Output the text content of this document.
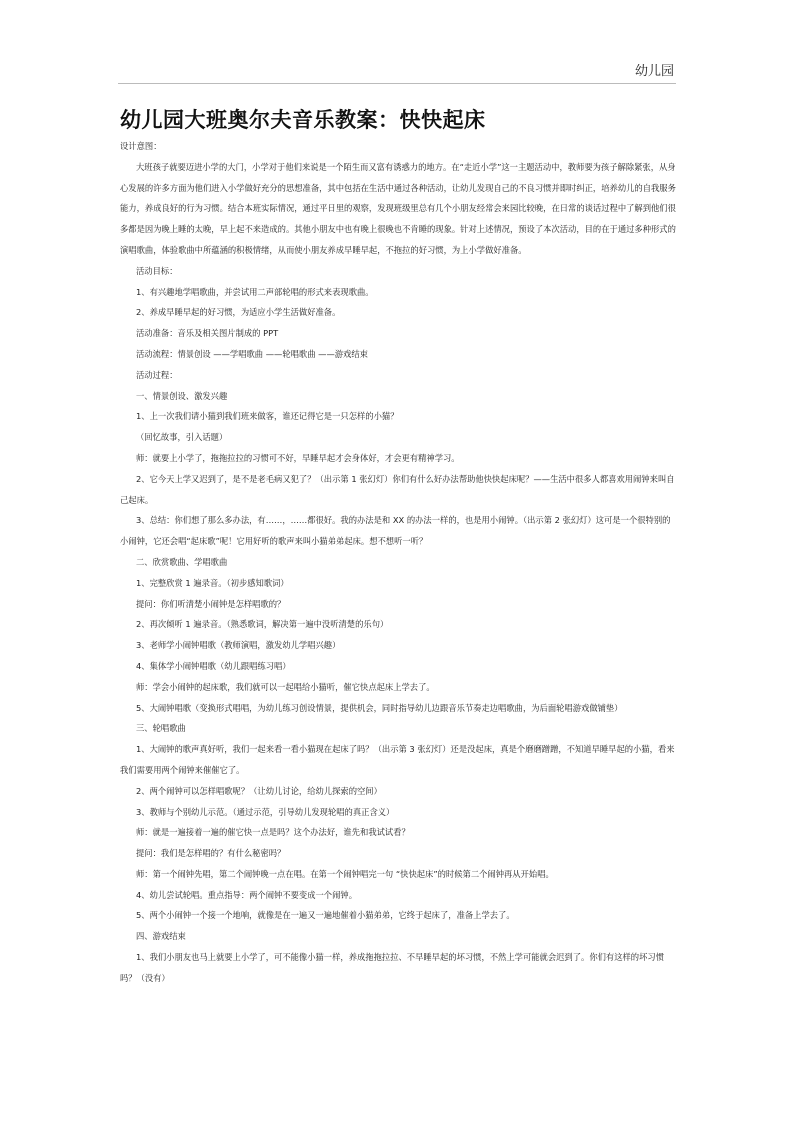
幼儿园
幼儿园大班奥尔夫音乐教案：快快起床

设计意图：

大班孩子就要迈进小学的大门，小学对于他们来说是一个陌生而又富有诱惑力的地方。在“走近小学”这一主题活动中，教师要为孩子解除紧张，从身心发展的许多方面为他们进入小学做好充分的思想准备，其中包括在生活中通过各种活动，让幼儿发现自己的不良习惯并即时纠正，培养幼儿的自我服务能力，养成良好的行为习惯。结合本班实际情况，通过平日里的观察，发现班级里总有几个小朋友经常会来园比较晚，在日常的谈话过程中了解到他们很多都是因为晚上睡的太晚，早上起不来造成的。其他小朋友中也有晚上很晚也不肯睡的现象。针对上述情况，预设了本次活动，目的在于通过多种形式的演唱歌曲，体验歌曲中所蕴涵的积极情绪，从而使小朋友养成早睡早起，不拖拉的好习惯，为上小学做好准备。

活动目标：

1、有兴趣地学唱歌曲，并尝试用二声部轮唱的形式来表现歌曲。

2、养成早睡早起的好习惯，为适应小学生活做好准备。

活动准备：音乐及相关图片制成的 PPT

活动流程：情景创设 ——学唱歌曲 ——轮唱歌曲 ——游戏结束

活动过程：

一、情景创设、激发兴趣

1、上一次我们请小猫到我们班来做客，谁还记得它是一只怎样的小猫？

（回忆故事，引入话题）

师：就要上小学了，拖拖拉拉的习惯可不好，早睡早起才会身体好，才会更有精神学习。

2、它今天上学又迟到了，是不是老毛病又犯了？（出示第 1 张幻灯）你们有什么好办法帮助他快快起床呢？——生活中很多人都喜欢用闹钟来叫自己起床。

3、总结：你们想了那么多办法，有……，……都很好。我的办法是和 XX 的办法一样的，也是用小闹钟。（出示第 2 张幻灯）这可是一个很特别的小闹钟，它还会唱“起床歌”呢！它用好听的歌声来叫小猫弟弟起床。想不想听一听？

二、欣赏歌曲、学唱歌曲

1、完整欣赏 1 遍录音。（初步感知歌词）

提问：你们听清楚小闹钟是怎样唱歌的？

2、再次倾听 1 遍录音。（熟悉歌词，解决第一遍中没听清楚的乐句）

3、老师学小闹钟唱歌（教师演唱，激发幼儿学唱兴趣）

4、集体学小闹钟唱歌（幼儿跟唱练习唱）

师：学会小闹钟的起床歌，我们就可以一起唱给小猫听，催它快点起床上学去了。

5、大闹钟唱歌（变换形式唱唱，为幼儿练习创设情景，提供机会，同时指导幼儿边跟音乐节奏走边唱歌曲，为后面轮唱游戏做铺垫）

三、轮唱歌曲

1、大闹钟的歌声真好听，我们一起来看一看小猫现在起床了吗？（出示第 3 张幻灯）还是没起床，真是个磨磨蹭蹭，不知道早睡早起的小猫，看来我们需要用两个闹钟来催催它了。

2、两个闹钟可以怎样唱歌呢？（让幼儿讨论，给幼儿探索的空间）

3、教师与个别幼儿示范。（通过示范，引导幼儿发现轮唱的真正含义）

师：就是一遍接着一遍的催它快一点是吗？这个办法好，谁先和我试试看？

提问：我们是怎样唱的？有什么秘密吗？

师：第一个闹钟先唱，第二个闹钟晚一点在唱。在第一个闹钟唱完一句 “快快起床”的时候第二个闹钟再从开始唱。

4、幼儿尝试轮唱。重点指导：两个闹钟不要变成一个闹钟。

5、两个小闹钟一个接一个地响，就像是在一遍又一遍地催着小猫弟弟，它终于起床了，准备上学去了。

四、游戏结束

1、我们小朋友也马上就要上小学了，可不能像小猫一样，养成拖拖拉拉、不早睡早起的坏习惯，不然上学可能就会迟到了。你们有这样的坏习惯吗？（没有）
